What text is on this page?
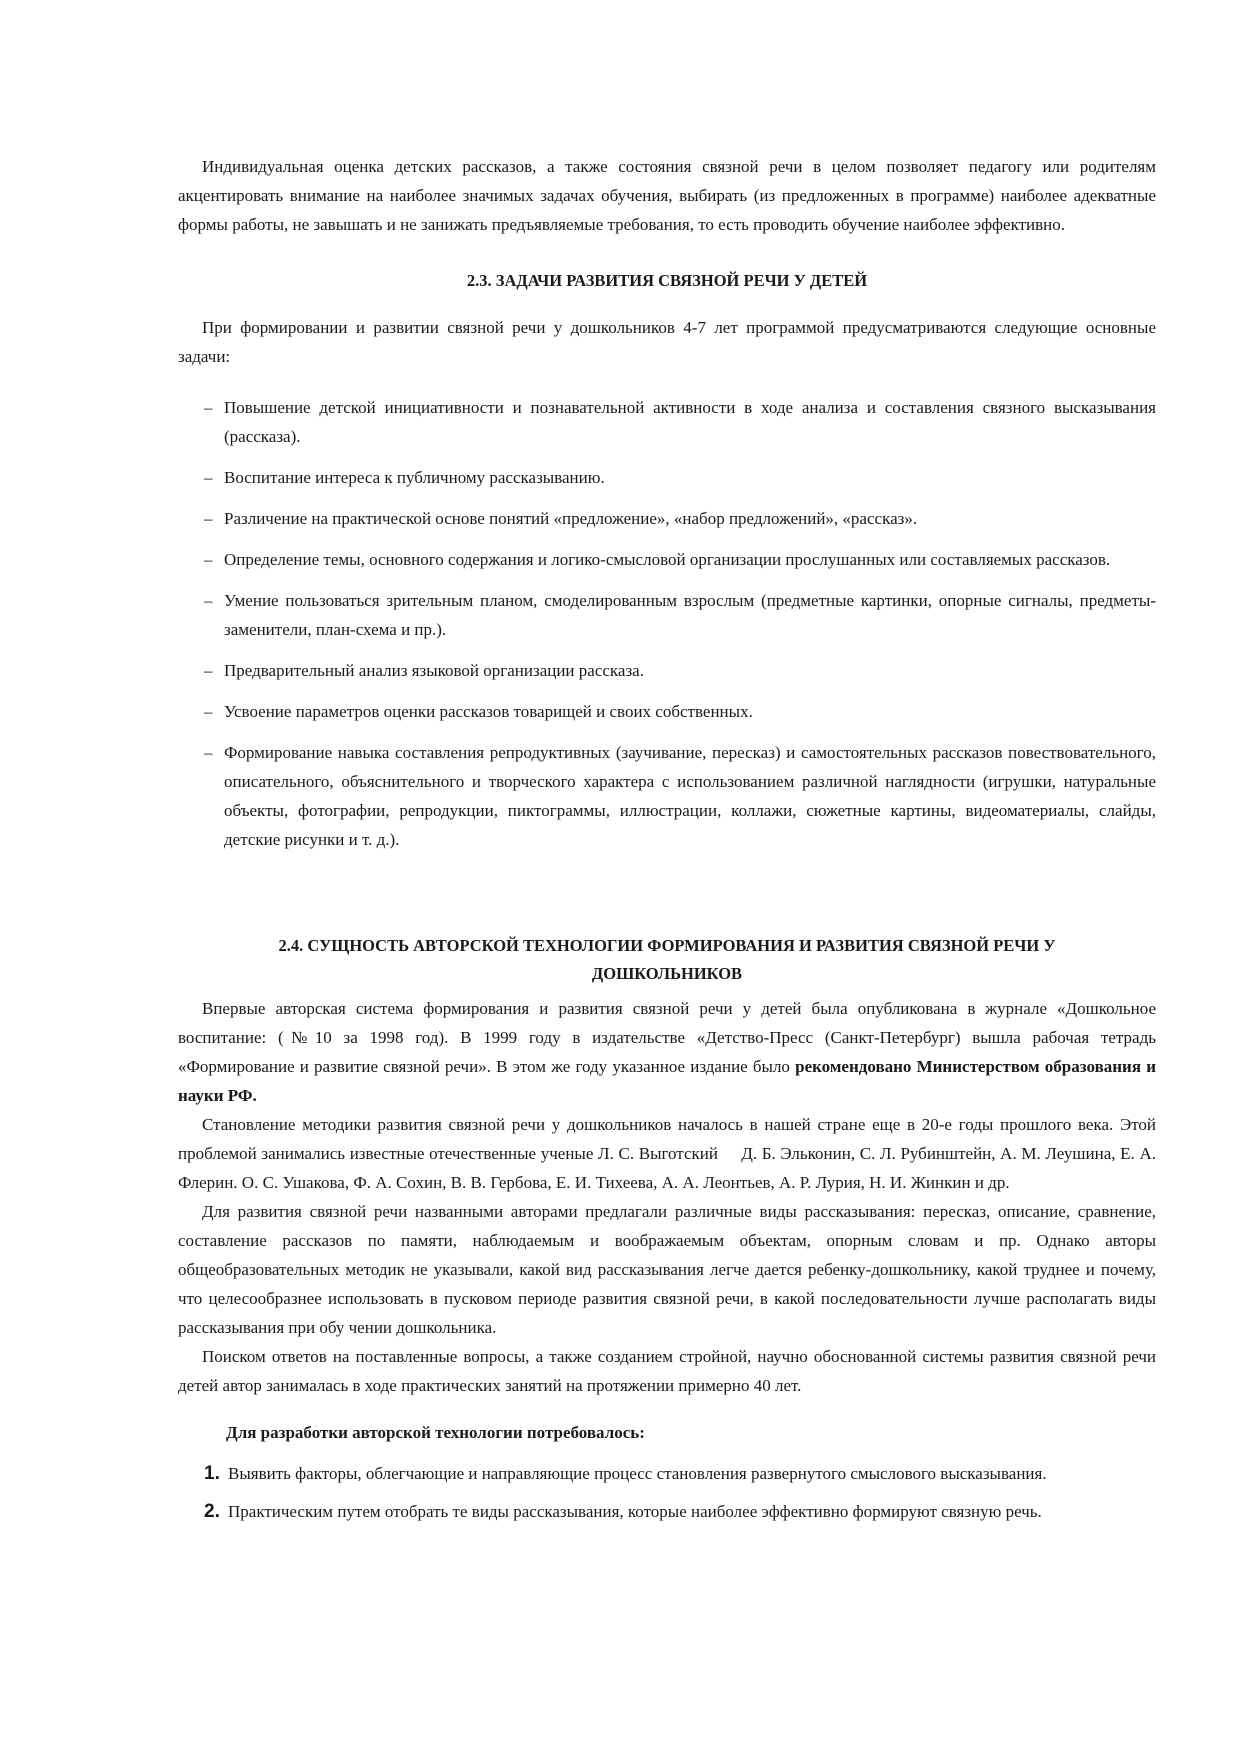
Индивидуальная оценка детских рассказов, а также состояния связной речи в целом позволяет педагогу или родителям акцентировать внимание на наиболее значимых задачах обучения, выбирать (из предложенных в программе) наиболее адекватные формы работы, не завышать и не занижать предъявляемые требования, то есть проводить обучение наиболее эффективно.

2.3. ЗАДАЧИ РАЗВИТИЯ СВЯЗНОЙ РЕЧИ У ДЕТЕЙ

При формировании и развитии связной речи у дошкольников 4-7 лет программой предусматриваются следующие основные задачи:

– Повышение детской инициативности и познавательной активности в ходе анализа и составления связного высказывания (рассказа).
– Воспитание интереса к публичному рассказыванию.
– Различение на практической основе понятий «предложение», «набор предложений», «рассказ».
– Определение темы, основного содержания и логико-смысловой организации прослушанных или составляемых рассказов.
– Умение пользоваться зрительным планом, смоделированным взрослым (предметные картинки, опорные сигналы, предметы-заменители, план-схема и пр.).
– Предварительный анализ языковой организации рассказа.
– Усвоение параметров оценки рассказов товарищей и своих собственных.
– Формирование навыка составления репродуктивных (заучивание, пересказ) и самостоятельных рассказов повествовательного, описательного, объяснительного и творческого характера с использованием различной наглядности (игрушки, натуральные объекты, фотографии, репродукции, пиктограммы, иллюстрации, коллажи, сюжетные картины, видеоматериалы, слайды, детские рисунки и т. д.).
2.4. СУЩНОСТЬ АВТОРСКОЙ ТЕХНОЛОГИИ ФОРМИРОВАНИЯ И РАЗВИТИЯ СВЯЗНОЙ РЕЧИ У
ДОШКОЛЬНИКОВ

Впервые авторская система формирования и развития связной речи у детей была опубликована в журнале «Дошкольное воспитание: (№10 за 1998 год). В 1999 году в издательстве «Детство-Пресс (Санкт-Петербург) вышла рабочая тетрадь «Формирование и развитие связной речи». В этом же году указанное издание было рекомендовано Министерством образования и науки РФ.

Становление методики развития связной речи у дошкольников началось в нашей стране еще в 20-е годы прошлого века. Этой проблемой занимались известные отечественные ученые Л. С. Выготский     Д. Б. Эльконин, С. Л. Рубинштейн, А. М. Леушина, Е. А. Флерин. О. С. Ушакова, Ф. А. Сохин, В. В. Гербова, Е. И. Тихеева, А. А. Леонтьев, А. Р. Лурия, Н. И. Жинкин и др.

Для развития связной речи названными авторами предлагали различные виды рассказывания: пересказ, описание, сравнение, составление рассказов по памяти, наблюдаемым и воображаемым объектам, опорным словам и пр. Однако авторы общеобразовательных методик не указывали, какой вид рассказывания легче дается ребенку-дошкольнику, какой труднее и почему, что целесообразнее использовать в пусковом периоде развития связной речи, в какой последовательности лучше располагать виды рассказывания при обу чении дошкольника.

Поиском ответов на поставленные вопросы, а также созданием стройной, научно обоснованной системы развития связной речи детей автор занималась в ходе практических занятий на протяжении примерно 40 лет.

Для разработки авторской технологии потребовалось:
1. Выявить факторы, облегчающие и направляющие процесс становления развернутого смыслового высказывания.
2. Практическим путем отобрать те виды рассказывания, которые наиболее эффективно формируют связную речь.
